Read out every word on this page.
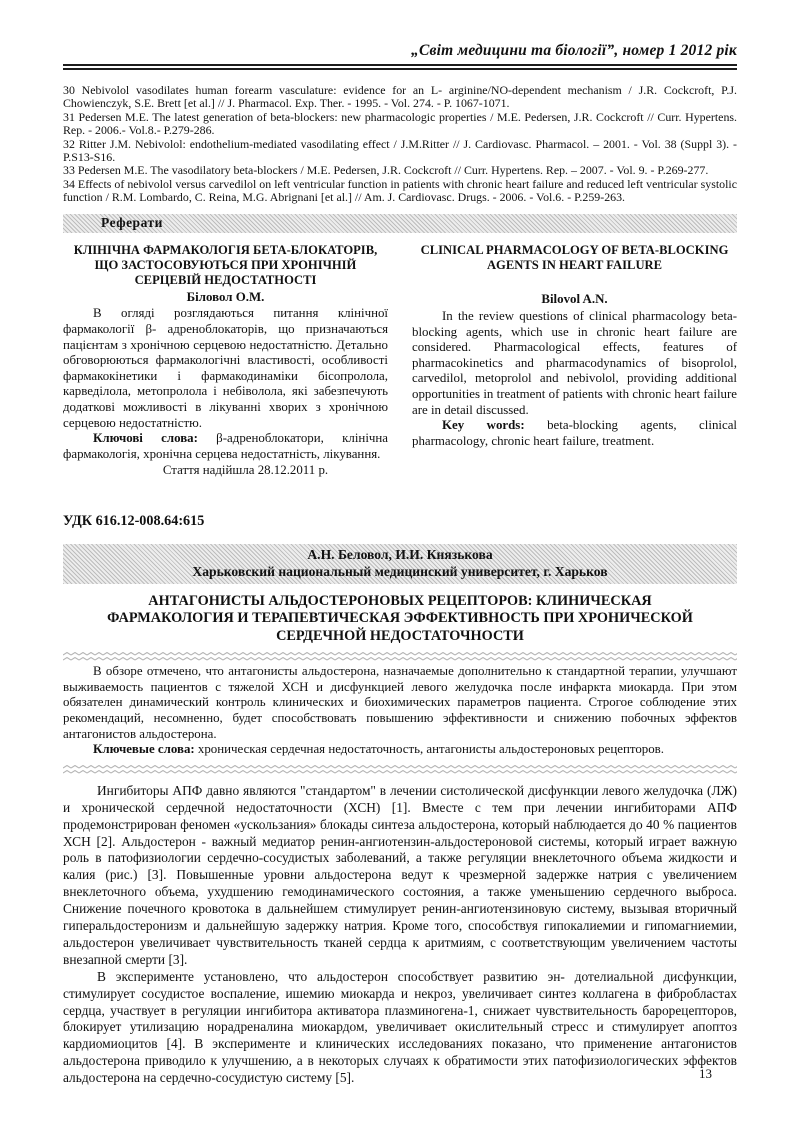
„Світ медицини та біології”, номер 1 2012 рік
30 Nebivolol vasodilates human forearm vasculature: evidence for an L- arginine/NO-dependent mechanism / J.R. Cockcroft, P.J. Chowienczyk, S.E. Brett [et al.] // J. Pharmacol. Exp. Ther. - 1995. - Vol. 274. - P. 1067-1071.
31 Pedersen M.E. The latest generation of beta-blockers: new pharmacologic properties / M.E. Pedersen, J.R. Cockcroft // Curr. Hypertens. Rep. - 2006.- Vol.8.- P.279-286.
32 Ritter J.M. Nebivolol: endothelium-mediated vasodilating effect / J.M.Ritter // J. Cardiovasc. Pharmacol. – 2001. - Vol. 38 (Suppl 3). - P.S13-S16.
33 Pedersen M.E. The vasodilatory beta-blockers / M.E. Pedersen, J.R. Cockcroft // Curr. Hypertens. Rep. – 2007. - Vol. 9. - P.269-277.
34 Effects of nebivolol versus carvedilol on left ventricular function in patients with chronic heart failure and reduced left ventricular systolic function / R.M. Lombardo, C. Reina, M.G. Abrignani [et al.] // Am. J. Cardiovasc. Drugs. - 2006. - Vol.6. - P.259-263.
Реферати
КЛІНІЧНА ФАРМАКОЛОГІЯ БЕТА-БЛОКАТОРІВ, ЩО ЗАСТОСОВУЮТЬСЯ ПРИ ХРОНІЧНІЙ СЕРЦЕВІЙ НЕДОСТАТНОСТІ
Біловол О.М.
В огляді розглядаються питання клінічної фармакології β- адреноблокаторів, що призначаються пацієнтам з хронічною серцевою недостатністю. Детально обговорюються фармакологічні властивості, особливості фармакокінетики і фармакодинаміки бісопролола, карведілола, метопролола і небіволола, які забезпечують додаткові можливості в лікуванні хворих з хронічною серцевою недостатністю.
Ключові слова: β-адреноблокатори, клінічна фармакологія, хронічна серцева недостатність, лікування.
Стаття надійшла 28.12.2011 р.
CLINICAL PHARMACOLOGY OF BETA-BLOCKING AGENTS IN HEART FAILURE
Bilovol A.N.
In the review questions of clinical pharmacology beta-blocking agents, which use in chronic heart failure are considered. Pharmacological effects, features of pharmacokinetics and pharmacodynamics of bisoprolol, carvedilol, metoprolol and nebivolol, providing additional opportunities in treatment of patients with chronic heart failure are in detail discussed.
Key words: beta-blocking agents, clinical pharmacology, chronic heart failure, treatment.
УДК 616.12-008.64:615
А.Н. Беловол, И.И. Князькова
Харьковский национальный медицинский университет, г. Харьков
АНТАГОНИСТЫ АЛЬДОСТЕРОНОВЫХ РЕЦЕПТОРОВ: КЛИНИЧЕСКАЯ ФАРМАКОЛОГИЯ И ТЕРАПЕВТИЧЕСКАЯ ЭФФЕКТИВНОСТЬ ПРИ ХРОНИЧЕСКОЙ СЕРДЕЧНОЙ НЕДОСТАТОЧНОСТИ

В обзоре отмечено, что антагонисты альдостерона, назначаемые дополнительно к стандартной терапии, улучшают выживаемость пациентов с тяжелой ХСН и дисфункцией левого желудочка после инфаркта миокарда. При этом обязателен динамический контроль клинических и биохимических параметров пациента. Строгое соблюдение этих рекомендаций, несомненно, будет способствовать повышению эффективности и снижению побочных эффектов антагонистов альдостерона.

Ключевые слова: хроническая сердечная недостаточность, антагонисты альдостероновых рецепторов.

Ингибиторы АПФ давно являются "стандартом" в лечении систолической дисфункции левого желудочка (ЛЖ) и хронической сердечной недостаточности (ХСН) [1]. Вместе с тем при лечении ингибиторами АПФ продемонстрирован феномен «ускользания» блокады синтеза альдостерона, который наблюдается до 40 % пациентов ХСН [2]. Альдостерон - важный медиатор ренин-ангиотензин-альдостероновой системы, который играет важную роль в патофизиологии сердечно-сосудистых заболеваний, а также регуляции внеклеточного объема жидкости и калия (рис.) [3]. Повышенные уровни альдостерона ведут к чрезмерной задержке натрия с увеличением внеклеточного объема, ухудшению гемодинамического состояния, а также уменьшению сердечного выброса. Снижение почечного кровотока в дальнейшем стимулирует ренин-ангиотензиновую систему, вызывая вторичный гиперальдостеронизм и дальнейшую задержку натрия. Кроме того, способствуя гипокалиемии и гипомагниемии, альдостерон увеличивает чувствительность тканей сердца к аритмиям, с соответствующим увеличением частоты внезапной смерти [3].

В эксперименте установлено, что альдостерон способствует развитию эн- дотелиальной дисфункции, стимулирует сосудистое воспаление, ишемию миокарда и некроз, увеличивает синтез коллагена в фибробластах сердца, участвует в регуляции ингибитора активатора плазминогена-1, снижает чувствительность барорецепторов, блокирует утилизацию норадреналина миокардом, увеличивает окислительный стресс и стимулирует апоптоз кардиомиоцитов [4]. В эксперименте и клинических исследованиях показано, что применение антагонистов альдостерона приводило к улучшению, а в некоторых случаях к обратимости этих патофизиологических эффектов альдостерона на сердечно-сосудистую систему [5].	13
